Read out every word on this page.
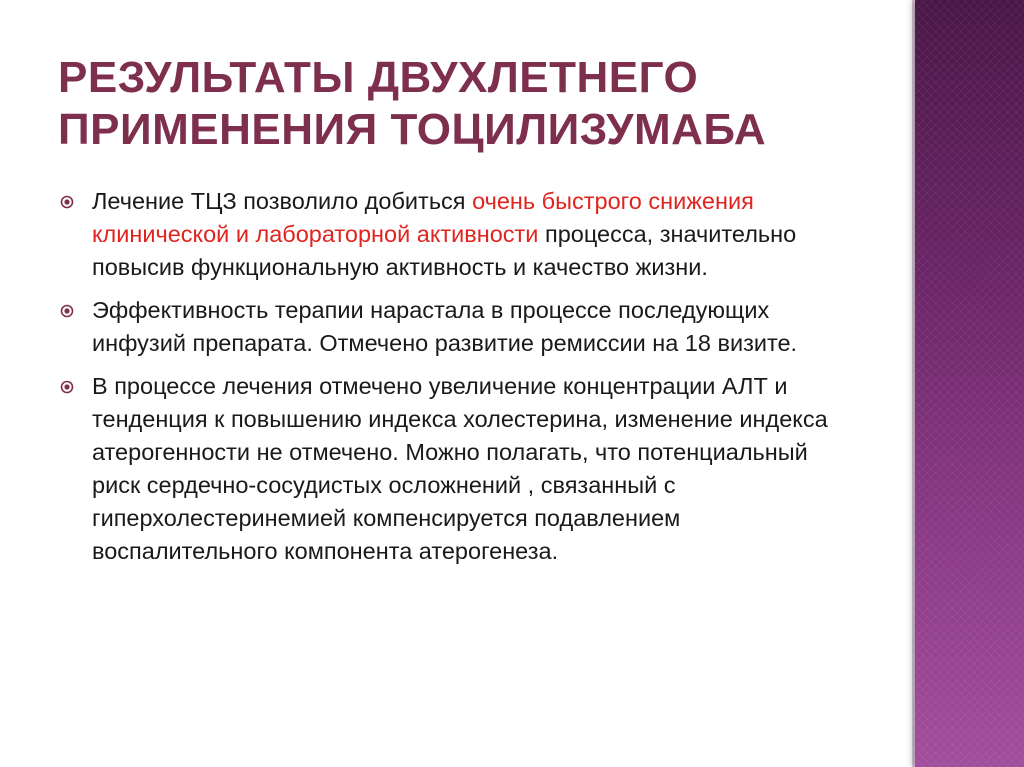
РЕЗУЛЬТАТЫ ДВУХЛЕТНЕГО ПРИМЕНЕНИЯ ТОЦИЛИЗУМАБА
Лечение ТЦЗ позволило добиться очень быстрого снижения клинической и лабораторной активности процесса, значительно повысив функциональную активность и качество жизни.
Эффективность терапии нарастала в процессе последующих инфузий препарата. Отмечено развитие ремиссии на 18 визите.
В процессе лечения отмечено увеличение концентрации АЛТ и тенденция к повышению индекса холестерина, изменение индекса атерогенности не отмечено. Можно полагать, что потенциальный риск сердечно-сосудистых осложнений , связанный с гиперхолестеринемией компенсируется подавлением воспалительного компонента атерогенеза.
